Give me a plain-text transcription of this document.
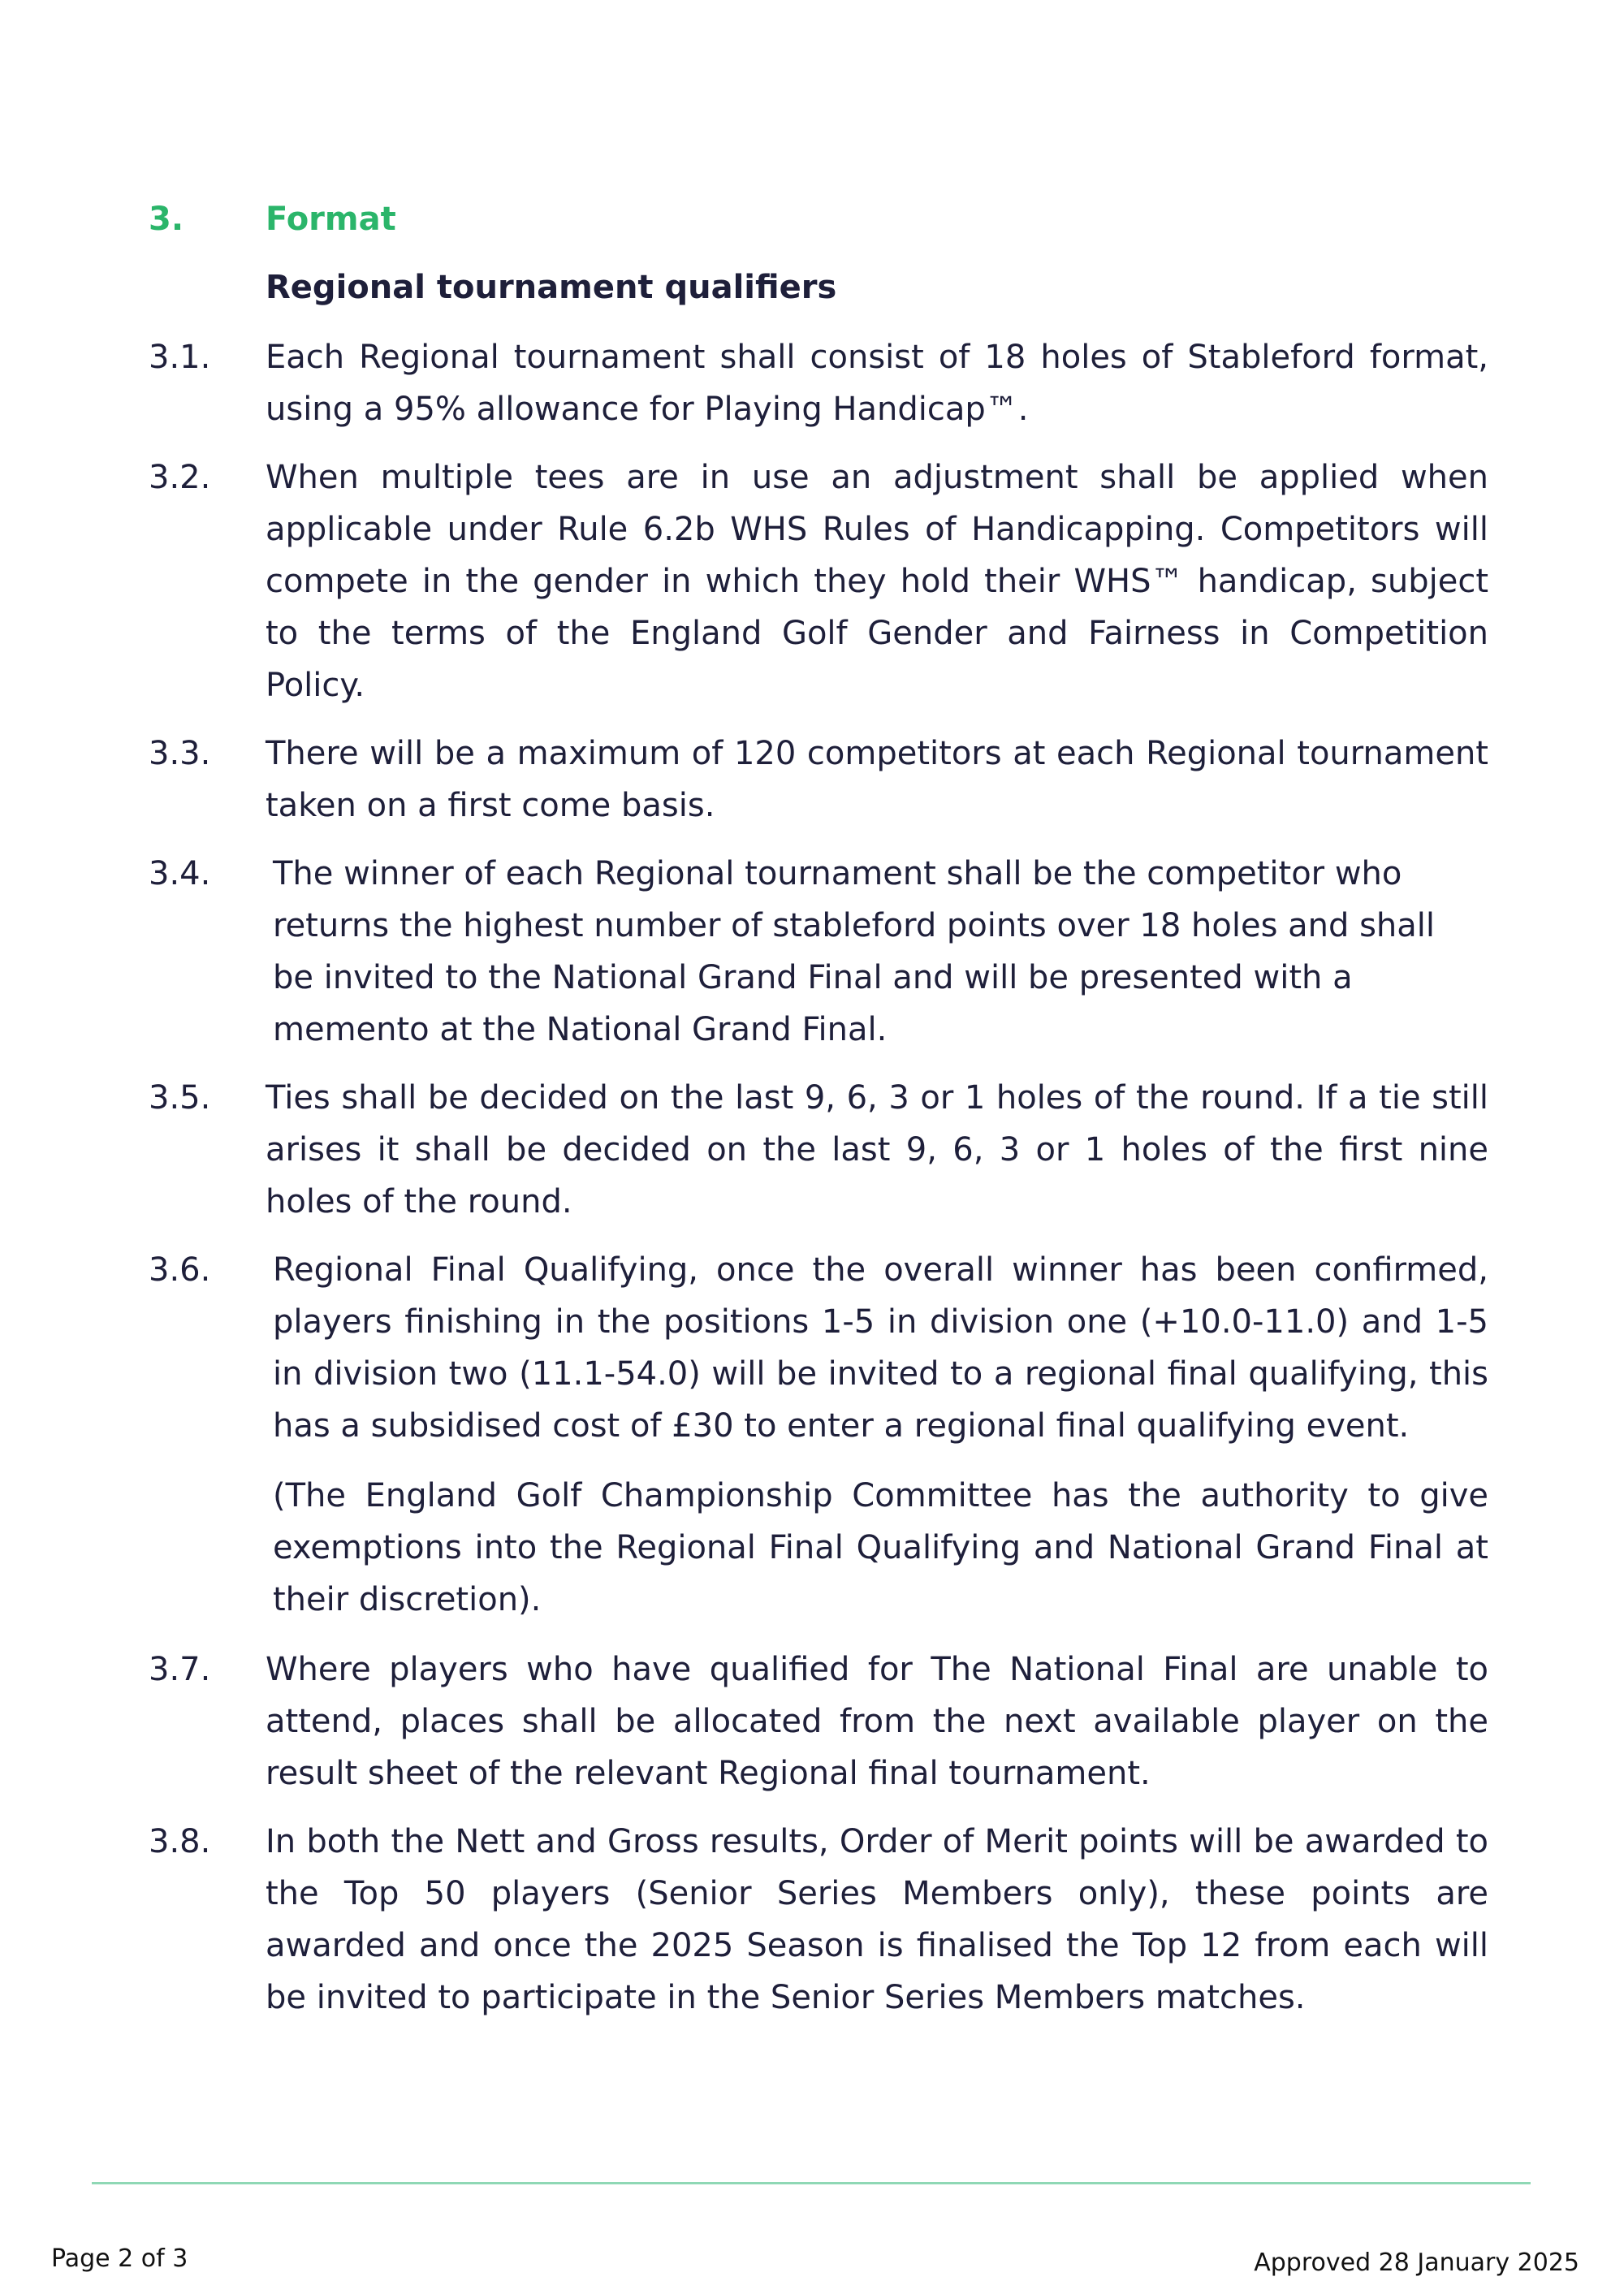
3.	Format
Regional tournament qualifiers
3.1.	Each Regional tournament shall consist of 18 holes of Stableford format, using a 95% allowance for Playing Handicap™.
3.2.	When multiple tees are in use an adjustment shall be applied when applicable under Rule 6.2b WHS Rules of Handicapping. Competitors will compete in the gender in which they hold their WHS™ handicap, subject to the terms of the England Golf Gender and Fairness in Competition Policy.
3.3.	There will be a maximum of 120 competitors at each Regional tournament taken on a first come basis.
3.4.	The winner of each Regional tournament shall be the competitor who returns the highest number of stableford points over 18 holes and shall be invited to the National Grand Final and will be presented with a memento at the National Grand Final.
3.5.	Ties shall be decided on the last 9, 6, 3 or 1 holes of the round. If a tie still arises it shall be decided on the last 9, 6, 3 or 1 holes of the first nine holes of the round.
3.6.	Regional Final Qualifying, once the overall winner has been confirmed, players finishing in the positions 1-5 in division one (+10.0-11.0) and 1-5 in division two (11.1-54.0) will be invited to a regional final qualifying, this has a subsidised cost of £30 to enter a regional final qualifying event.
(The England Golf Championship Committee has the authority to give exemptions into the Regional Final Qualifying and National Grand Final at their discretion).
3.7.	Where players who have qualified for The National Final are unable to attend, places shall be allocated from the next available player on the result sheet of the relevant Regional final tournament.
3.8.	In both the Nett and Gross results, Order of Merit points will be awarded to the Top 50 players (Senior Series Members only), these points are awarded and once the 2025 Season is finalised the Top 12 from each will be invited to participate in the Senior Series Members matches.
Page 2 of 3	Approved 28 January 2025
